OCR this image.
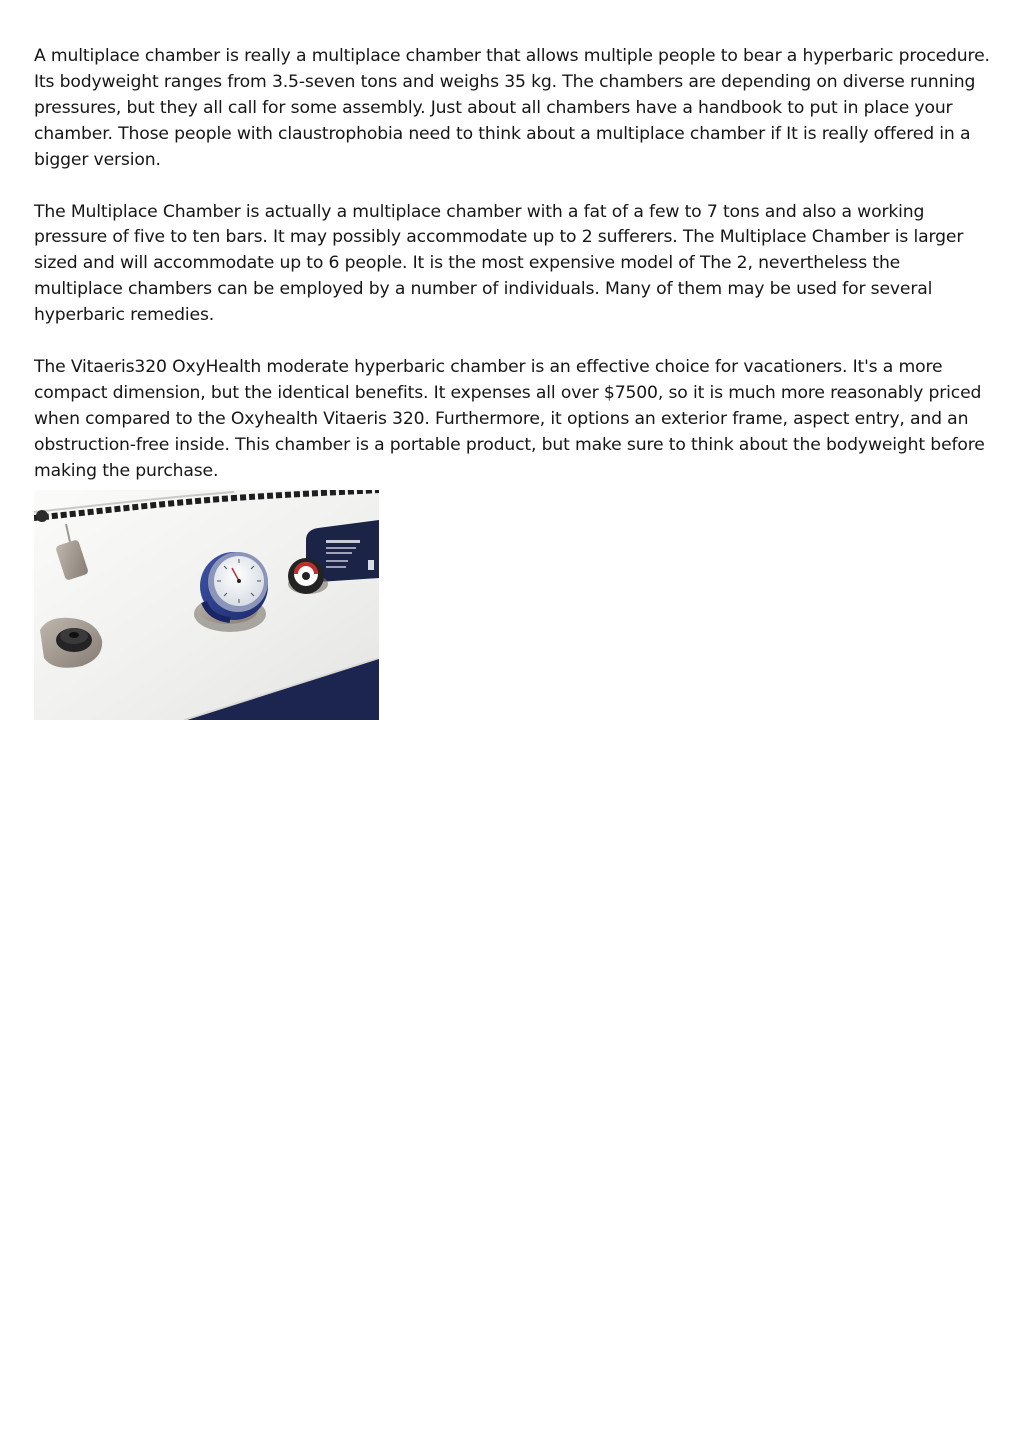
A multiplace chamber is really a multiplace chamber that allows multiple people to bear a hyperbaric procedure. Its bodyweight ranges from 3.5-seven tons and weighs 35 kg. The chambers are depending on diverse running pressures, but they all call for some assembly. Just about all chambers have a handbook to put in place your chamber. Those people with claustrophobia need to think about a multiplace chamber if It is really offered in a bigger version.

The Multiplace Chamber is actually a multiplace chamber with a fat of a few to 7 tons and also a working pressure of five to ten bars. It may possibly accommodate up to 2 sufferers. The Multiplace Chamber is larger sized and will accommodate up to 6 people. It is the most expensive model of The 2, nevertheless the multiplace chambers can be employed by a number of individuals. Many of them may be used for several hyperbaric remedies.

The Vitaeris320 OxyHealth moderate hyperbaric chamber is an effective choice for vacationers. It's a more compact dimension, but the identical benefits. It expenses all over $7500, so it is much more reasonably priced when compared to the Oxyhealth Vitaeris 320. Furthermore, it options an exterior frame, aspect entry, and an obstruction-free inside. This chamber is a portable product, but make sure to think about the bodyweight before making the purchase.
